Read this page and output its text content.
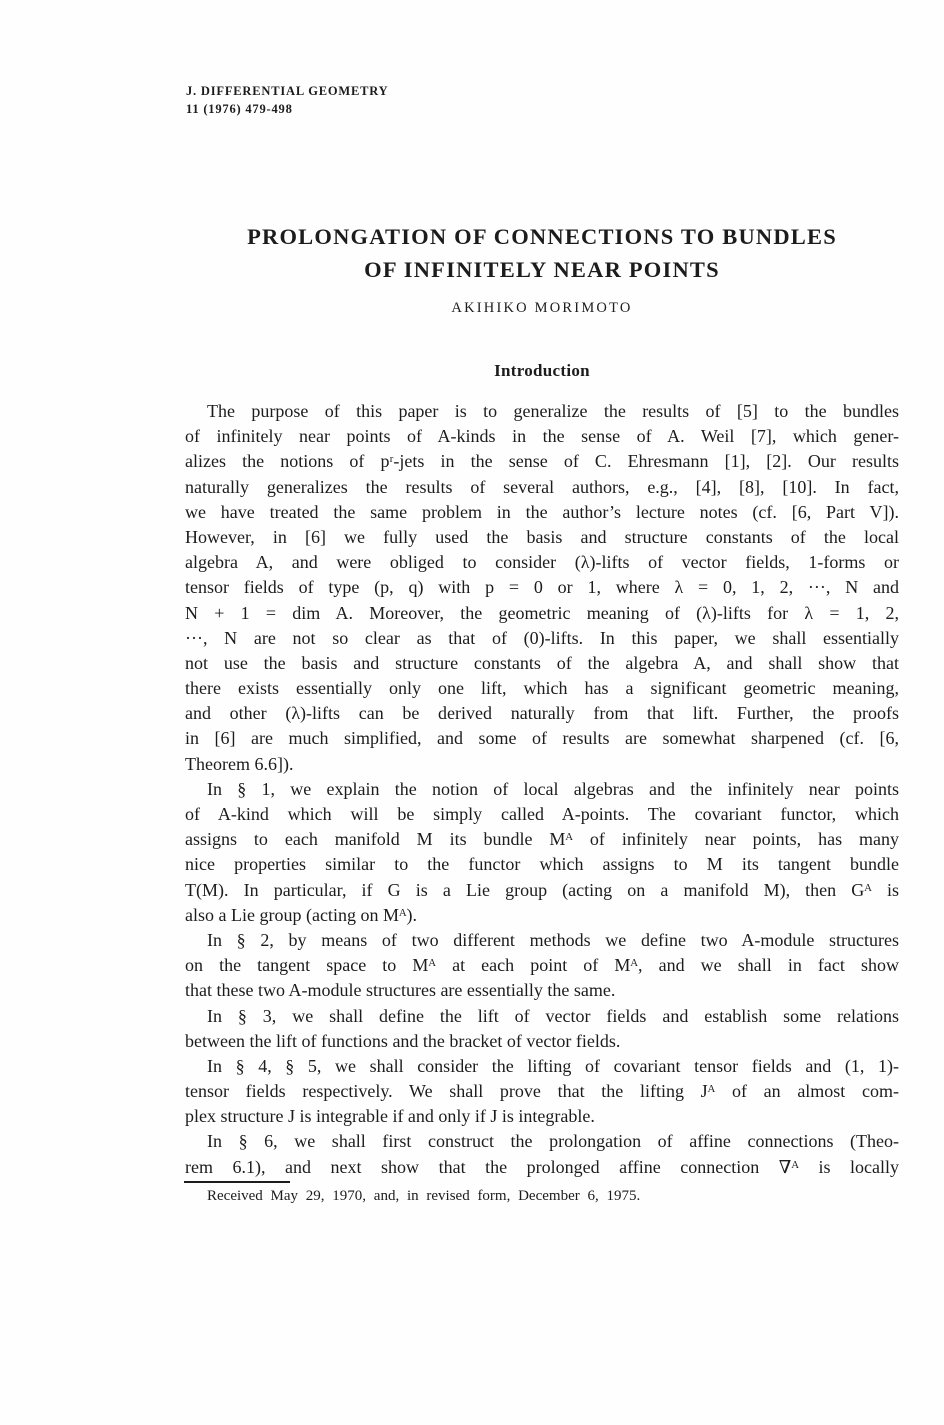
J. DIFFERENTIAL GEOMETRY
11 (1976) 479-498
PROLONGATION OF CONNECTIONS TO BUNDLES
OF INFINITELY NEAR POINTS
AKIHIKO MORIMOTO
Introduction
The purpose of this paper is to generalize the results of [5] to the bundles
of infinitely near points of A-kinds in the sense of A. Weil [7], which gener-
alizes the notions of pʳ-jets in the sense of C. Ehresmann [1], [2]. Our results
naturally generalizes the results of several authors, e.g., [4], [8], [10]. In fact,
we have treated the same problem in the author’s lecture notes (cf. [6, Part V]).
However, in [6] we fully used the basis and structure constants of the local
algebra A, and were obliged to consider (λ)-lifts of vector fields, 1-forms or
tensor fields of type (p, q) with p = 0 or 1, where λ = 0, 1, 2, ···, N and
N + 1 = dim A. Moreover, the geometric meaning of (λ)-lifts for λ = 1, 2,
···, N are not so clear as that of (0)-lifts. In this paper, we shall essentially
not use the basis and structure constants of the algebra A, and shall show that
there exists essentially only one lift, which has a significant geometric meaning,
and other (λ)-lifts can be derived naturally from that lift. Further, the proofs
in [6] are much simplified, and some of results are somewhat sharpened (cf. [6,
Theorem 6.6]).
In § 1, we explain the notion of local algebras and the infinitely near points
of A-kind which will be simply called A-points. The covariant functor, which
assigns to each manifold M its bundle Mᴬ of infinitely near points, has many
nice properties similar to the functor which assigns to M its tangent bundle
T(M). In particular, if G is a Lie group (acting on a manifold M), then Gᴬ is
also a Lie group (acting on Mᴬ).
In § 2, by means of two different methods we define two A-module structures
on the tangent space to Mᴬ at each point of Mᴬ, and we shall in fact show
that these two A-module structures are essentially the same.
In § 3, we shall define the lift of vector fields and establish some relations
between the lift of functions and the bracket of vector fields.
In § 4, § 5, we shall consider the lifting of covariant tensor fields and (1, 1)-
tensor fields respectively. We shall prove that the lifting Jᴬ of an almost com-
plex structure J is integrable if and only if J is integrable.
In § 6, we shall first construct the prolongation of affine connections (Theo-
rem 6.1), and next show that the prolonged affine connection ∇ᴬ is locally
Received May 29, 1970, and, in revised form, December 6, 1975.
